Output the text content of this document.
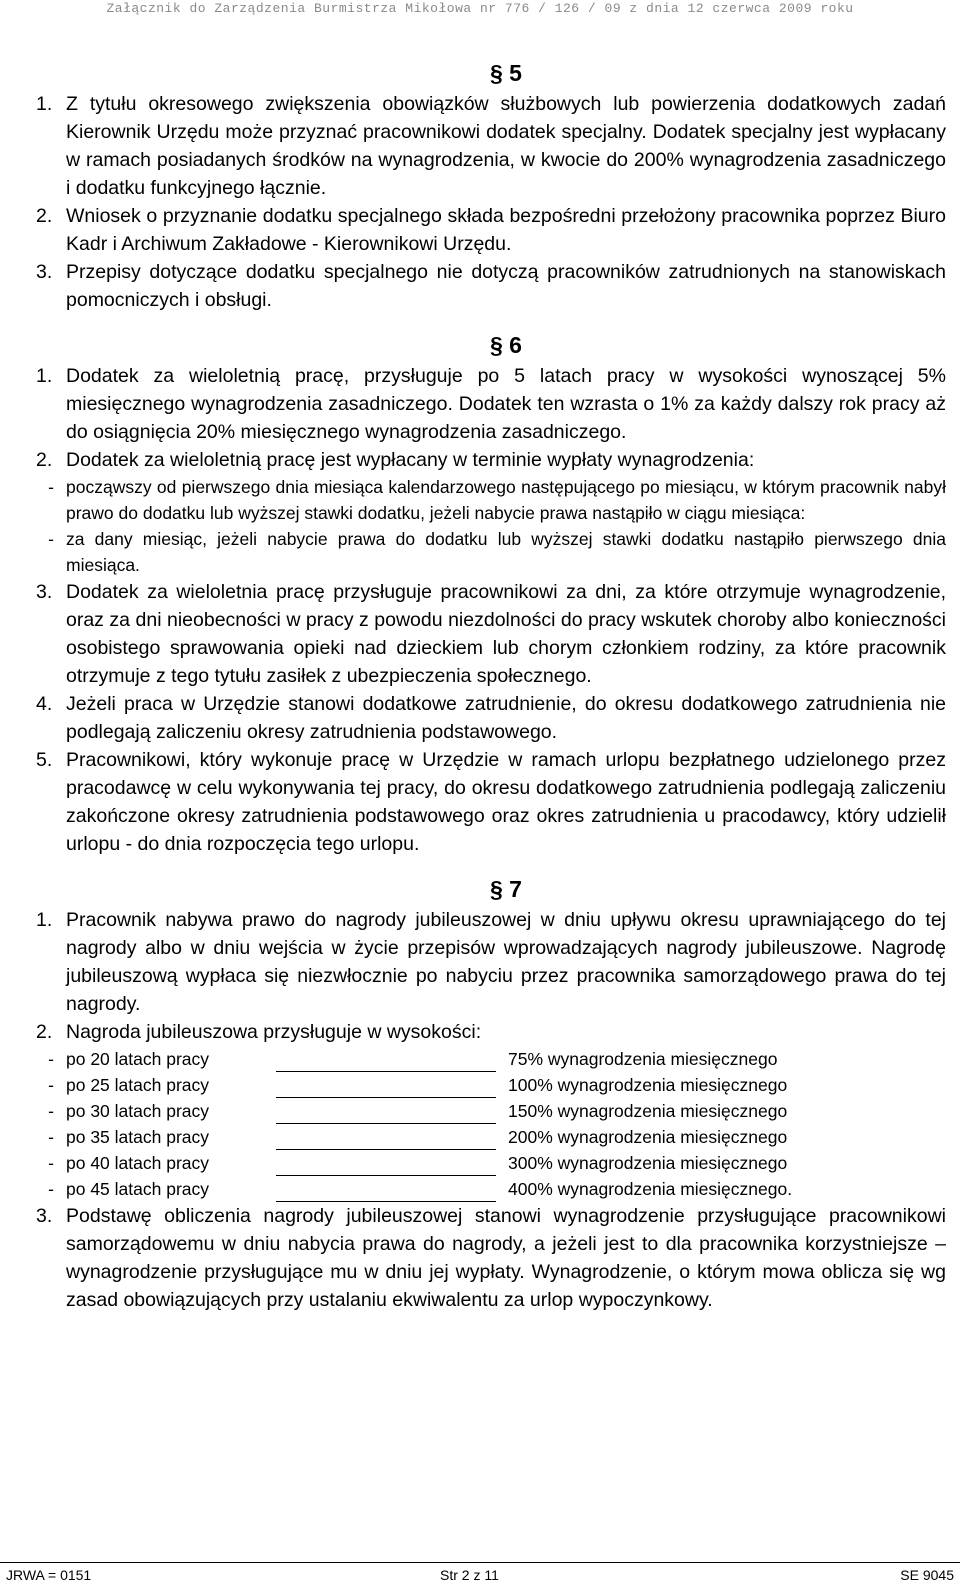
Załącznik do Zarządzenia Burmistrza Mikołowa nr 776 / 126 / 09 z dnia 12 czerwca 2009 roku
§ 5
1. Z tytułu okresowego zwiększenia obowiązków służbowych lub powierzenia dodatkowych zadań Kierownik Urzędu może przyznać pracownikowi dodatek specjalny. Dodatek specjalny jest wypłacany w ramach posiadanych środków na wynagrodzenia, w kwocie do 200% wynagrodzenia zasadniczego i dodatku funkcyjnego łącznie.
2. Wniosek o przyznanie dodatku specjalnego składa bezpośredni przełożony pracownika poprzez Biuro Kadr i Archiwum Zakładowe - Kierownikowi Urzędu.
3. Przepisy dotyczące dodatku specjalnego nie dotyczą pracowników zatrudnionych na stanowiskach pomocniczych i obsługi.
§ 6
1. Dodatek za wieloletnią pracę, przysługuje po 5 latach pracy w wysokości wynoszącej 5% miesięcznego wynagrodzenia zasadniczego. Dodatek ten wzrasta o 1% za każdy dalszy rok pracy aż do osiągnięcia 20% miesięcznego wynagrodzenia zasadniczego.
2. Dodatek za wieloletnią pracę jest wypłacany w terminie wypłaty wynagrodzenia:
- począwszy od pierwszego dnia miesiąca kalendarzowego następującego po miesiącu, w którym pracownik nabył prawo do dodatku lub wyższej stawki dodatku, jeżeli nabycie prawa nastąpiło w ciągu miesiąca:
- za dany miesiąc, jeżeli nabycie prawa do dodatku lub wyższej stawki dodatku nastąpiło pierwszego dnia miesiąca.
3. Dodatek za wieloletnia pracę przysługuje pracownikowi za dni, za które otrzymuje wynagrodzenie, oraz za dni nieobecności w pracy z powodu niezdolności do pracy wskutek choroby albo konieczności osobistego sprawowania opieki nad dzieckiem lub chorym członkiem rodziny, za które pracownik otrzymuje z tego tytułu zasiłek z ubezpieczenia społecznego.
4. Jeżeli praca w Urzędzie stanowi dodatkowe zatrudnienie, do okresu dodatkowego zatrudnienia nie podlegają zaliczeniu okresy zatrudnienia podstawowego.
5. Pracownikowi, który wykonuje pracę w Urzędzie w ramach urlopu bezpłatnego udzielonego przez pracodawcę w celu wykonywania tej pracy, do okresu dodatkowego zatrudnienia podlegają zaliczeniu zakończone okresy zatrudnienia podstawowego oraz okres zatrudnienia u pracodawcy, który udzielił urlopu - do dnia rozpoczęcia tego urlopu.
§ 7
1. Pracownik nabywa prawo do nagrody jubileuszowej w dniu upływu okresu uprawniającego do tej nagrody albo w dniu wejścia w życie przepisów wprowadzających nagrody jubileuszowe. Nagrodę jubileuszową wypłaca się niezwłocznie po nabyciu przez pracownika samorządowego prawa do tej nagrody.
2. Nagroda jubileuszowa przysługuje w wysokości:
- po 20 latach pracy	75% wynagrodzenia miesięcznego
- po 25 latach pracy	100% wynagrodzenia miesięcznego
- po 30 latach pracy	150% wynagrodzenia miesięcznego
- po 35 latach pracy	200% wynagrodzenia miesięcznego
- po 40 latach pracy	300% wynagrodzenia miesięcznego
- po 45 latach pracy	400% wynagrodzenia miesięcznego.
3. Podstawę obliczenia nagrody jubileuszowej stanowi wynagrodzenie przysługujące pracownikowi samorządowemu w dniu nabycia prawa do nagrody, a jeżeli jest to dla pracownika korzystniejsze – wynagrodzenie przysługujące mu w dniu jej wypłaty. Wynagrodzenie, o którym mowa oblicza się wg zasad obowiązujących przy ustalaniu ekwiwalentu za urlop wypoczynkowy.
JRWA = 0151	Str 2 z 11	SE 9045
